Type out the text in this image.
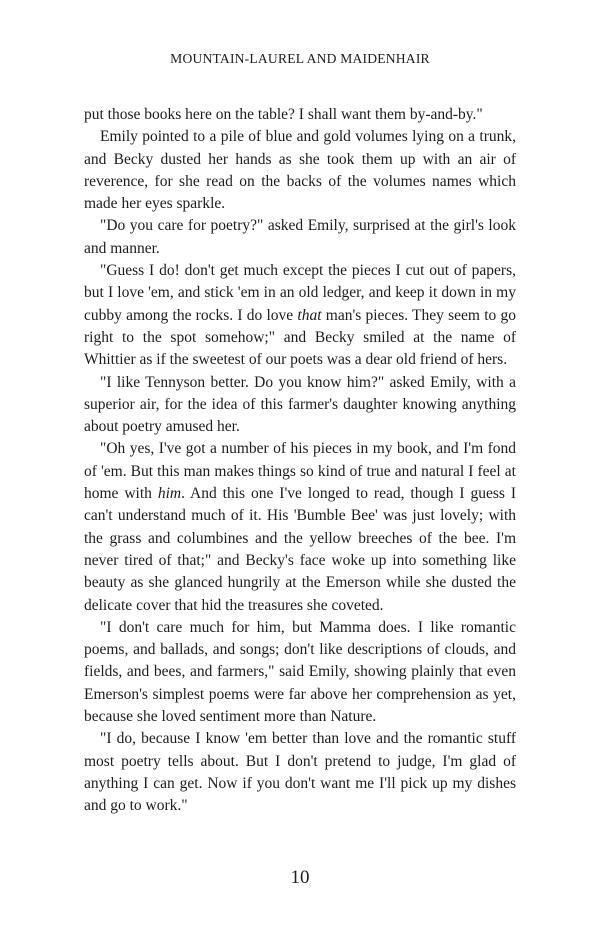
MOUNTAIN-LAUREL AND MAIDENHAIR

put those books here on the table? I shall want them by-and-by."

Emily pointed to a pile of blue and gold volumes lying on a trunk, and Becky dusted her hands as she took them up with an air of reverence, for she read on the backs of the volumes names which made her eyes sparkle.

"Do you care for poetry?" asked Emily, surprised at the girl's look and manner.

"Guess I do! don't get much except the pieces I cut out of papers, but I love 'em, and stick 'em in an old ledger, and keep it down in my cubby among the rocks. I do love that man's pieces. They seem to go right to the spot somehow;" and Becky smiled at the name of Whittier as if the sweetest of our poets was a dear old friend of hers.

"I like Tennyson better. Do you know him?" asked Emily, with a superior air, for the idea of this farmer's daughter knowing anything about poetry amused her.

"Oh yes, I've got a number of his pieces in my book, and I'm fond of 'em. But this man makes things so kind of true and natural I feel at home with him. And this one I've longed to read, though I guess I can't understand much of it. His 'Bumble Bee' was just lovely; with the grass and columbines and the yellow breeches of the bee. I'm never tired of that;" and Becky's face woke up into something like beauty as she glanced hungrily at the Emerson while she dusted the delicate cover that hid the treasures she coveted.

"I don't care much for him, but Mamma does. I like romantic poems, and ballads, and songs; don't like descriptions of clouds, and fields, and bees, and farmers," said Emily, showing plainly that even Emerson's simplest poems were far above her comprehension as yet, because she loved sentiment more than Nature.

"I do, because I know 'em better than love and the romantic stuff most poetry tells about. But I don't pretend to judge, I'm glad of anything I can get. Now if you don't want me I'll pick up my dishes and go to work."

10
